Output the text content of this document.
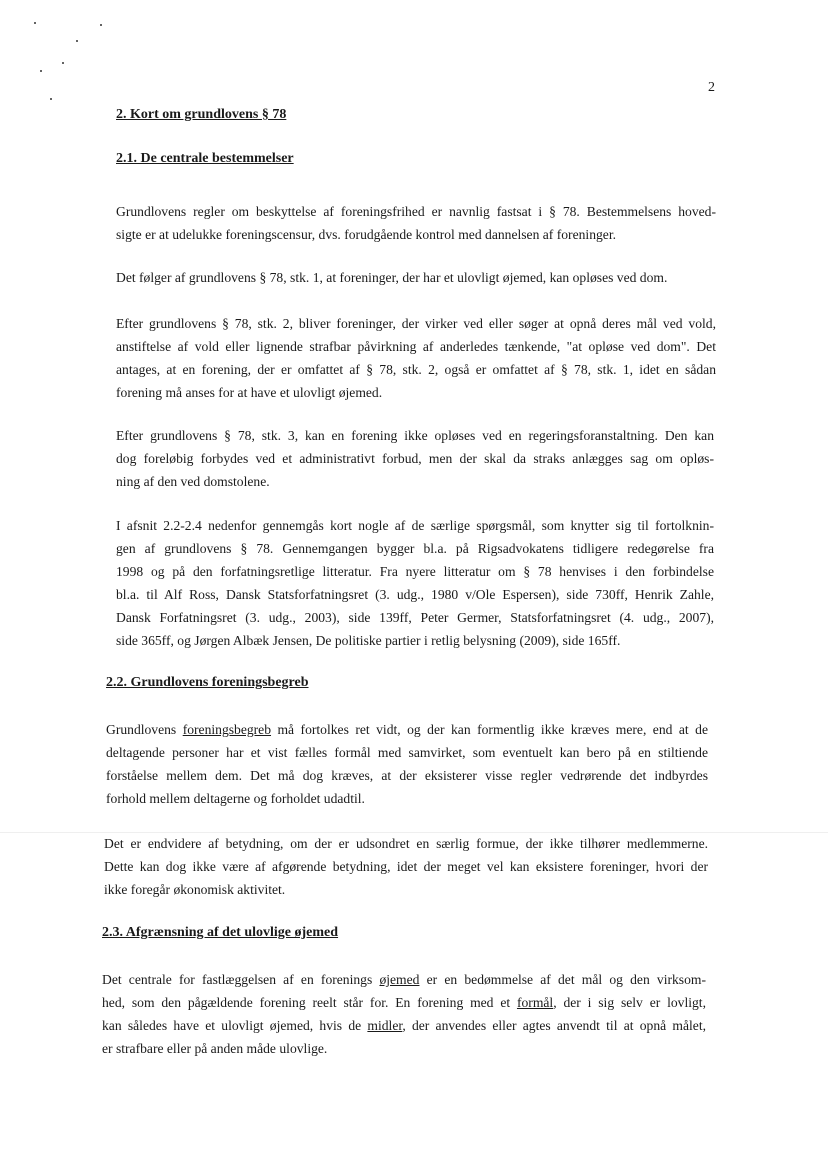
2
2. Kort om grundlovens § 78
2.1. De centrale bestemmelser
Grundlovens regler om beskyttelse af foreningsfrihed er navnlig fastsat i § 78. Bestemmelsens hoved-
sigte er at udelukke foreningscensur, dvs. forudgående kontrol med dannelsen af foreninger.
Det følger af grundlovens § 78, stk. 1, at foreninger, der har et ulovligt øjemed, kan opløses ved dom.
Efter grundlovens § 78, stk. 2, bliver foreninger, der virker ved eller søger at opnå deres mål ved vold,
anstiftelse af vold eller lignende strafbar påvirkning af anderledes tænkende, "at opløse ved dom". Det
antages, at en forening, der er omfattet af § 78, stk. 2, også er omfattet af § 78, stk. 1, idet en sådan
forening må anses for at have et ulovligt øjemed.
Efter grundlovens § 78, stk. 3, kan en forening ikke opløses ved en regeringsforanstaltning. Den kan
dog foreløbig forbydes ved et administrativt forbud, men der skal da straks anlægges sag om opløs-
ning af den ved domstolene.
I afsnit 2.2-2.4 nedenfor gennemgås kort nogle af de særlige spørgsmål, som knytter sig til fortolknin-
gen af grundlovens § 78. Gennemgangen bygger bl.a. på Rigsadvokatens tidligere redegørelse fra
1998 og på den forfatningsretlige litteratur. Fra nyere litteratur om § 78 henvises i den forbindelse
bl.a. til Alf Ross, Dansk Statsforfatningsret (3. udg., 1980 v/Ole Espersen), side 730ff, Henrik Zahle,
Dansk Forfatningsret (3. udg., 2003), side 139ff, Peter Germer, Statsforfatningsret (4. udg., 2007),
side 365ff, og Jørgen Albæk Jensen, De politiske partier i retlig belysning (2009), side 165ff.
2.2. Grundlovens foreningsbegreb
Grundlovens foreningsbegreb må fortolkes ret vidt, og der kan formentlig ikke kræves mere, end at de
deltagende personer har et vist fælles formål med samvirket, som eventuelt kan bero på en stiltiende
forståelse mellem dem. Det må dog kræves, at der eksisterer visse regler vedrørende det indbyrdes
forhold mellem deltagerne og forholdet udadtil.
Det er endvidere af betydning, om der er udsondret en særlig formue, der ikke tilhører medlemmerne.
Dette kan dog ikke være af afgørende betydning, idet der meget vel kan eksistere foreninger, hvori der
ikke foregår økonomisk aktivitet.
2.3. Afgrænsning af det ulovlige øjemed
Det centrale for fastlæggelsen af en forenings øjemed er en bedømmelse af det mål og den virksom-
hed, som den pågældende forening reelt står for. En forening med et formål, der i sig selv er lovligt,
kan således have et ulovligt øjemed, hvis de midler, der anvendes eller agtes anvendt til at opnå målet,
er strafbare eller på anden måde ulovlige.
